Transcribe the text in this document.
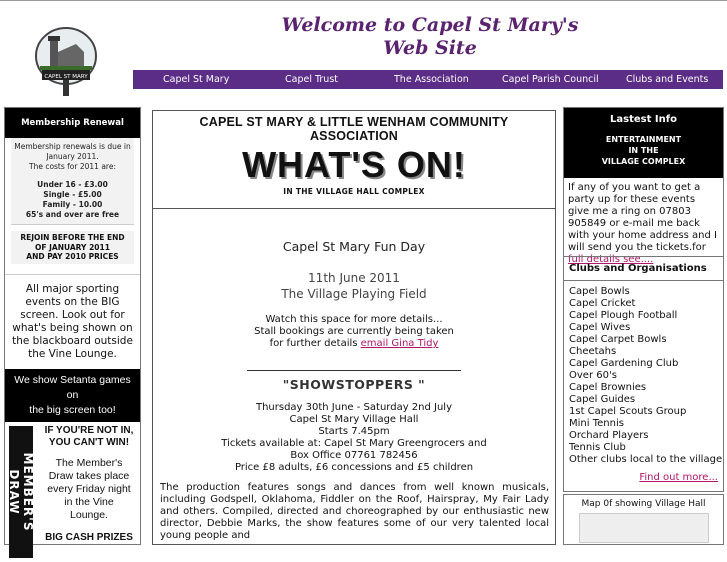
CAPEL ST MARY
Welcome to Capel St Mary's
Web Site
Capel St Mary	Capel Trust	The Association	Capel Parish Council	Clubs and Events
Membership Renewal
Membership renewals is due in
January 2011.
The costs for 2011 are:
Under 16 - £3.00
Single - £5.00
Family - 10.00
65's and over are free
REJOIN BEFORE THE END
OF JANUARY 2011
AND PAY 2010 PRICES
All major sporting
events on the BIG
screen. Look out for
what's being shown on
the blackboard outside
the Vine Lounge.
We show Setanta games on
the big screen too!
MEMBER'S DRAW
IF YOU'RE NOT IN,
YOU CAN'T WIN!
The Member's
Draw takes place
every Friday night
in the Vine
Lounge.
BIG CASH PRIZES
CAPEL ST MARY & LITTLE WENHAM COMMUNITY
ASSOCIATION
WHAT'S ON!
IN THE VILLAGE HALL COMPLEX
Capel St Mary Fun Day
11th June 2011
The Village Playing Field
Watch this space for more details...
Stall bookings are currently being taken
for further details email Gina Tidy
"SHOWSTOPPERS "
Thursday 30th June - Saturday 2nd July
Capel St Mary Village Hall
Starts 7.45pm
Tickets available at: Capel St Mary Greengrocers and
Box Office 07761 782456
Price £8 adults, £6 concessions and £5 children
The production features songs and dances from well known musicals, including Godspell, Oklahoma, Fiddler on the Roof, Hairspray, My Fair Lady and others. Compiled, directed and choreographed by our enthusiastic new director, Debbie Marks, the show features some of our very talented local young people and
Lastest Info
ENTERTAINMENT
IN THE
VILLAGE COMPLEX
If any of you want to get a party up for these events give me a ring on 07803 905849 or e-mail me back with your home address and I will send you the tickets.for full details see....
Clubs and Organisations
Capel Bowls
Capel Cricket
Capel Plough Football
Capel Wives
Capel Carpet Bowls
Cheetahs
Capel Gardening Club
Over 60's
Capel Brownies
Capel Guides
1st Capel Scouts Group
Mini Tennis
Orchard Players
Tennis Club
Other clubs local to the village
Find out more...
Map 0f showing Village Hall
